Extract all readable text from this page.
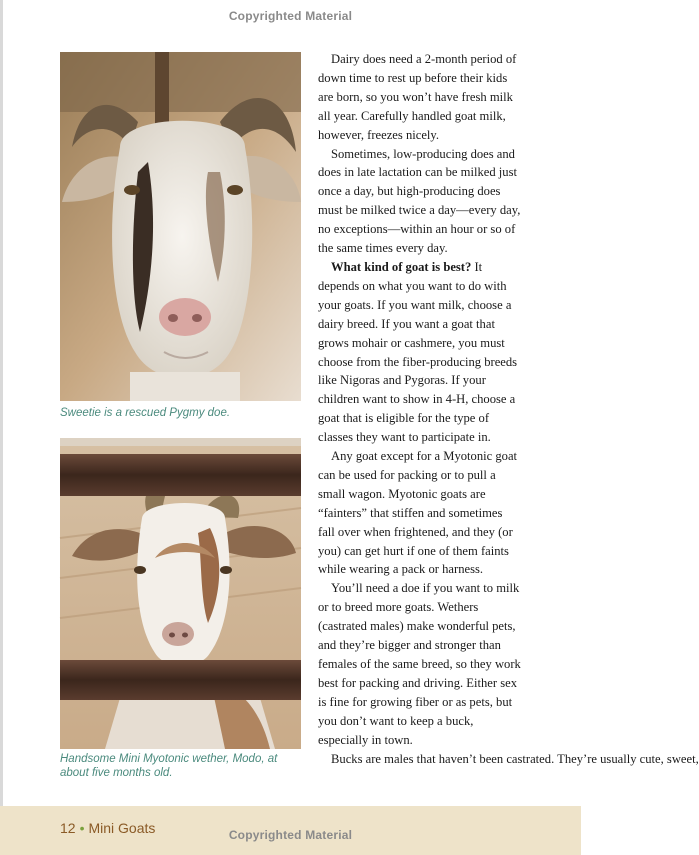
Copyrighted Material
Sweetie is a rescued Pygmy doe.
Handsome Mini Myotonic wether, Modo, at about five months old.

Dairy does need a 2-month period of down time to rest up before their kids are born, so you won’t have fresh milk all year. Carefully handled goat milk, however, freezes nicely.

Sometimes, low-producing does and does in late lactation can be milked just once a day, but high-producing does must be milked twice a day—every day, no exceptions—within an hour or so of the same times every day.

What kind of goat is best? It depends on what you want to do with your goats. If you want milk, choose a dairy breed. If you want a goat that grows mohair or cashmere, you must choose from the fiber-producing breeds like Nigoras and Pygoras. If your children want to show in 4-H, choose a goat that is eligible for the type of classes they want to participate in.

Any goat except for a Myotonic goat can be used for packing or to pull a small wagon. Myotonic goats are “fainters” that stiffen and sometimes fall over when frightened, and they (or you) can get hurt if one of them faints while wearing a pack or harness.

You’ll need a doe if you want to milk or to breed more goats. Wethers (castrated males) make wonderful pets, and they’re bigger and stronger than females of the same breed, so they work best for packing and driving. Either sex is fine for growing fiber or as pets, but you don’t want to keep a buck, especially in town.

Bucks are males that haven’t been castrated. They’re usually cute, sweet,

12 • Mini Goats	Copyrighted Material
